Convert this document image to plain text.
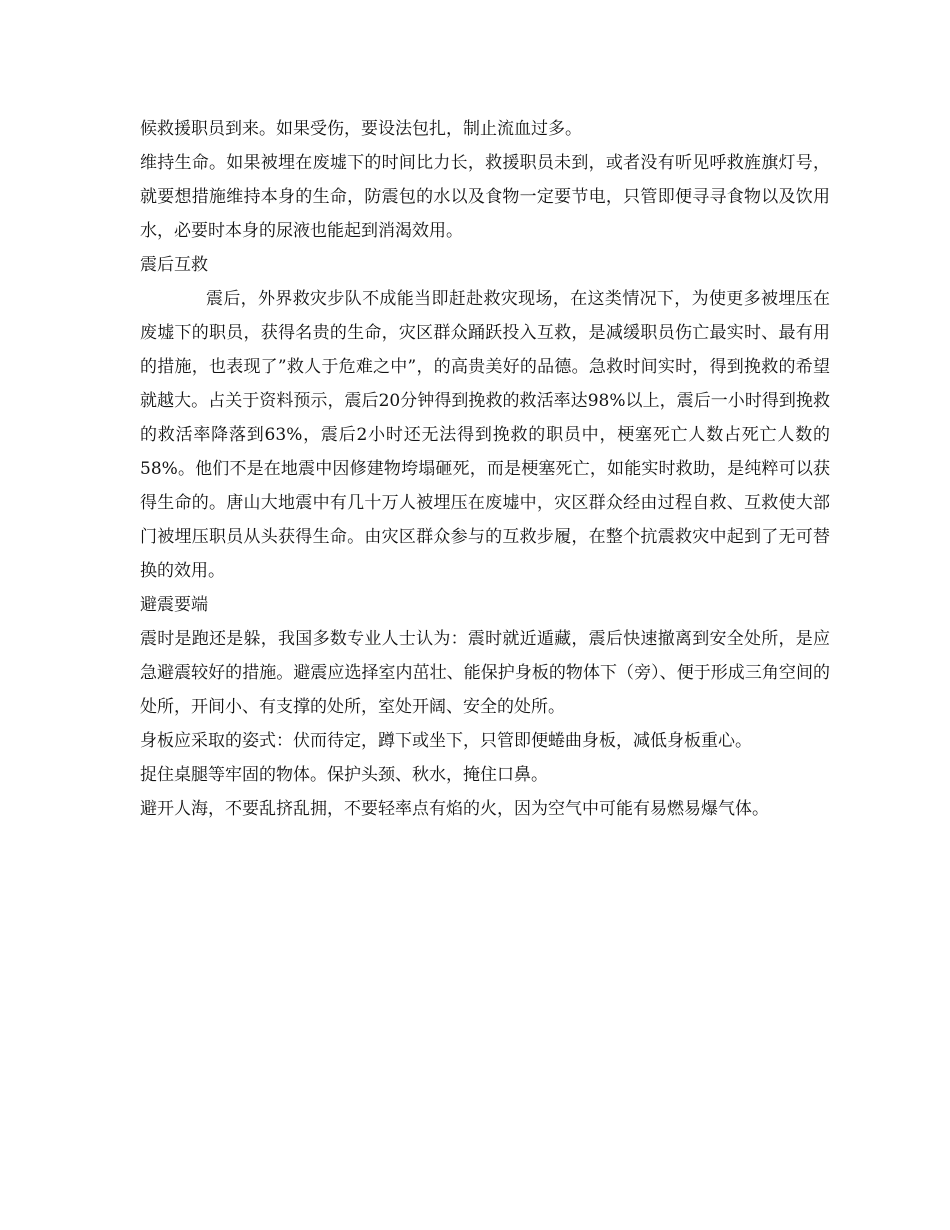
候救援职员到来。如果受伤，要设法包扎，制止流血过多。

维持生命。如果被埋在废墟下的时间比力长，救援职员未到，或者没有听见呼救旌旗灯号，就要想措施维持本身的生命，防震包的水以及食物一定要节电，只管即便寻寻食物以及饮用水，必要时本身的尿液也能起到消渴效用。

震后互救

震后，外界救灾步队不成能当即赶赴救灾现场，在这类情况下，为使更多被埋压在废墟下的职员，获得名贵的生命，灾区群众踊跃投入互救，是减缓职员伤亡最实时、最有用的措施，也表现了”救人于危难之中”，的高贵美好的品德。急救时间实时，得到挽救的希望就越大。占关于资料预示，震后20分钟得到挽救的救活率达98%以上，震后一小时得到挽救的救活率降落到63%，震后2小时还无法得到挽救的职员中，梗塞死亡人数占死亡人数的58%。他们不是在地震中因修建物垮塌砸死，而是梗塞死亡，如能实时救助，是纯粹可以获得生命的。唐山大地震中有几十万人被埋压在废墟中，灾区群众经由过程自救、互救使大部门被埋压职员从头获得生命。由灾区群众参与的互救步履，在整个抗震救灾中起到了无可替换的效用。

避震要端

震时是跑还是躲，我国多数专业人士认为：震时就近遁藏，震后快速撤离到安全处所，是应急避震较好的措施。避震应选择室内茁壮、能保护身板的物体下（旁）、便于形成三角空间的处所，开间小、有支撑的处所，室处开阔、安全的处所。

身板应采取的姿式：伏而待定，蹲下或坐下，只管即便蜷曲身板，减低身板重心。

捉住桌腿等牢固的物体。保护头颈、秋水，掩住口鼻。

避开人海，不要乱挤乱拥，不要轻率点有焰的火，因为空气中可能有易燃易爆气体。
